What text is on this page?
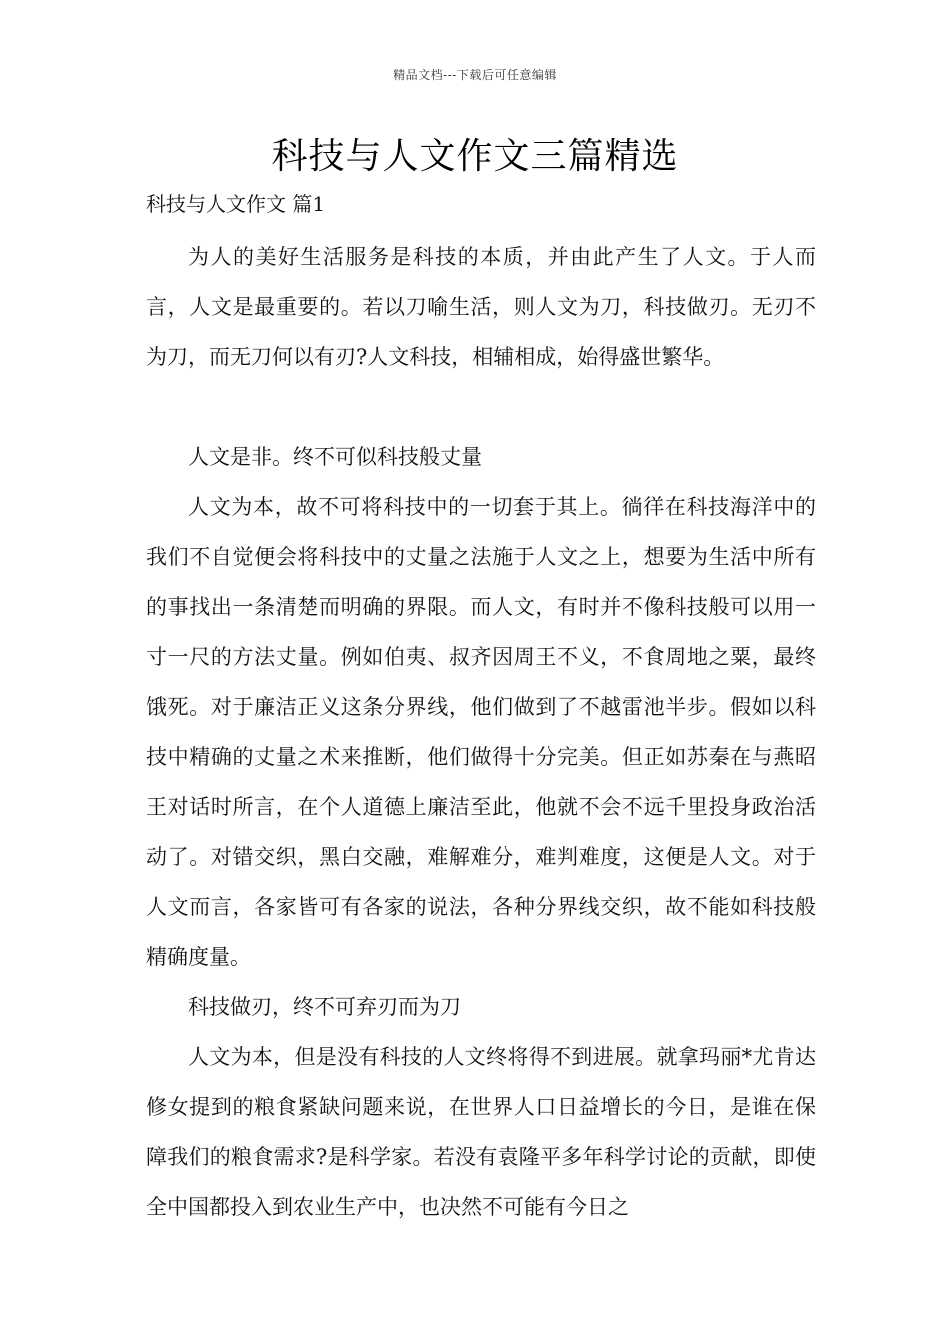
精品文档---下载后可任意编辑
科技与人文作文三篇精选
科技与人文作文 篇1

为人的美好生活服务是科技的本质，并由此产生了人文。于人而言，人文是最重要的。若以刀喻生活，则人文为刀，科技做刃。无刃不为刀，而无刀何以有刃?人文科技，相辅相成，始得盛世繁华。

人文是非。终不可似科技般丈量

人文为本，故不可将科技中的一切套于其上。徜徉在科技海洋中的我们不自觉便会将科技中的丈量之法施于人文之上，想要为生活中所有的事找出一条清楚而明确的界限。而人文，有时并不像科技般可以用一寸一尺的方法丈量。例如伯夷、叔齐因周王不义，不食周地之粟，最终饿死。对于廉洁正义这条分界线，他们做到了不越雷池半步。假如以科技中精确的丈量之术来推断，他们做得十分完美。但正如苏秦在与燕昭王对话时所言，在个人道德上廉洁至此，他就不会不远千里投身政治活动了。对错交织，黑白交融，难解难分，难判难度，这便是人文。对于人文而言，各家皆可有各家的说法，各种分界线交织，故不能如科技般精确度量。

科技做刃，终不可弃刃而为刀

人文为本，但是没有科技的人文终将得不到进展。就拿玛丽*尤肯达修女提到的粮食紧缺问题来说，在世界人口日益增长的今日，是谁在保障我们的粮食需求?是科学家。若没有袁隆平多年科学讨论的贡献，即使全中国都投入到农业生产中，也决然不可能有今日之
